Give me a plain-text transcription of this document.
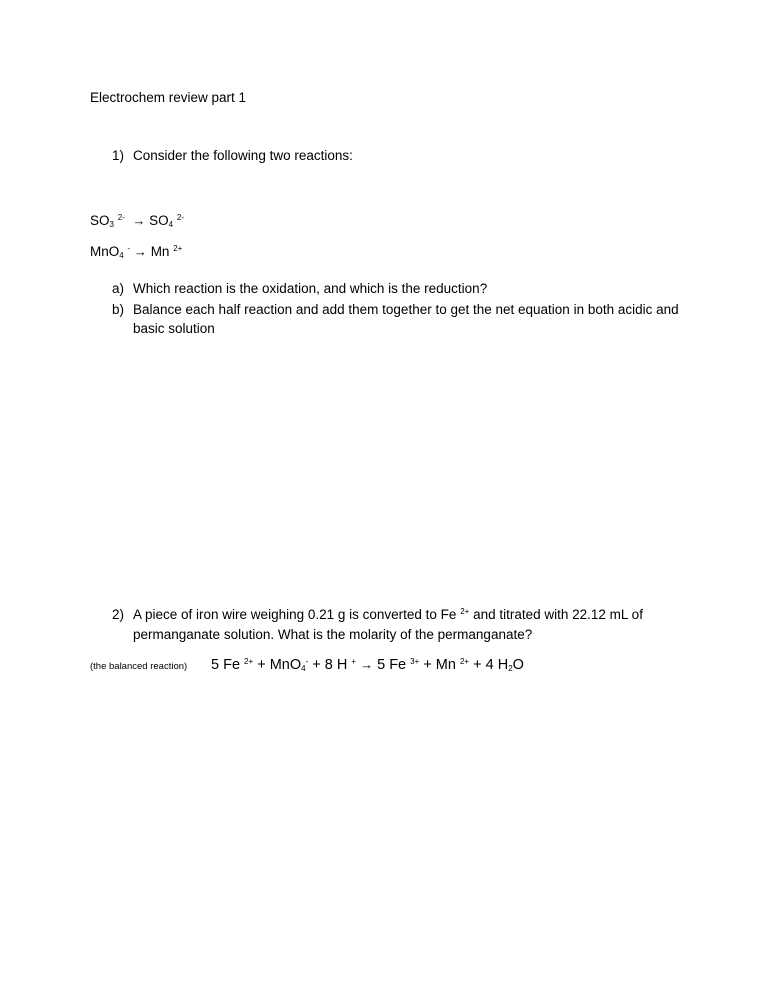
Electrochem review part 1
1) Consider the following two reactions:
$SO_3$ $^{2-} \to SO_4$ $^{2-}$
MnO$_4$ - → Mn $^{2+}$
a) Which reaction is the oxidation, and which is the reduction?
b) Balance each half reaction and add them together to get the net equation in both acidic and
basic solution
2) A piece of iron wire weighing 0.21 g is converted to Fe $^{2+}$ and titrated with 22.12 mL of
permanganate solution. What is the molarity of the permanganate?
(the balanced reaction) 5 Fe $^{2+}$ + MnO$_4$- + 8 H + → 5 Fe $^{3+}$ + Mn $^{2+}$ + 4 $H_2O$
